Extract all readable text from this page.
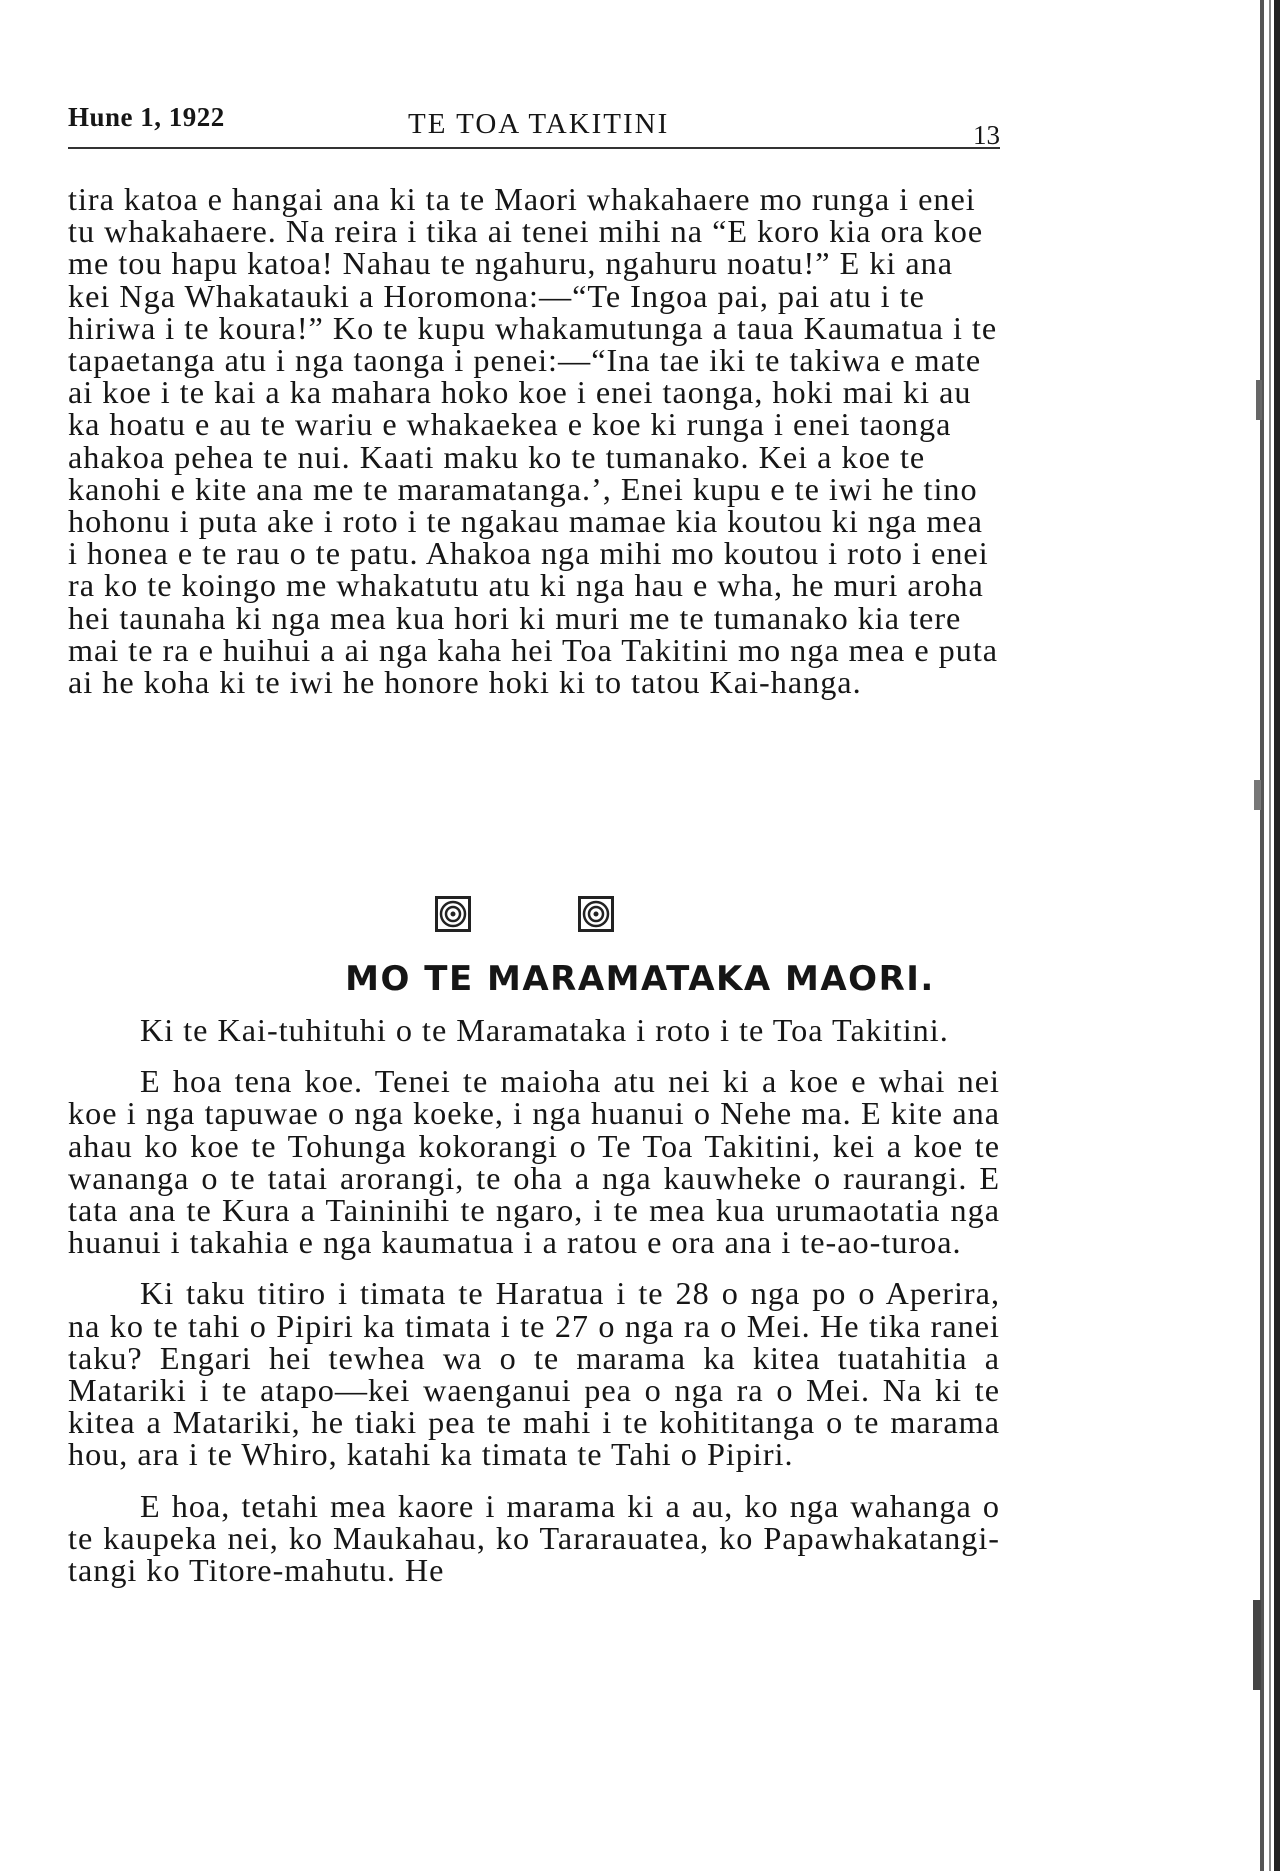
Hune 1, 1922	TE TOA TAKITINI	13

tira katoa e hangai ana ki ta te Maori whakahaere mo runga i enei tu whakahaere. Na reira i tika ai tenei mihi na “E koro kia ora koe me tou hapu katoa! Nahau te ngahuru, ngahuru noatu!” E ki ana kei Nga Whakatauki a Horomona:—“Te Ingoa pai, pai atu i te hiriwa i te koura!” Ko te kupu whakamutunga a taua Kaumatua i te tapaetanga atu i nga taonga i penei:—“Ina tae iki te takiwa e mate ai koe i te kai a ka mahara hoko koe i enei taonga, hoki mai ki au ka hoatu e au te wariu e whakaekea e koe ki runga i enei taonga ahakoa pehea te nui. Kaati maku ko te tumanako. Kei a koe te kanohi e kite ana me te maramatanga.’, Enei kupu e te iwi he tino hohonu i puta ake i roto i te ngakau mamae kia koutou ki nga mea i honea e te rau o te patu. Ahakoa nga mihi mo koutou i roto i enei ra ko te koingo me whakatutu atu ki nga hau e wha, he muri aroha hei taunaha ki nga mea kua hori ki muri me te tumanako kia tere mai te ra e huihui a ai nga kaha hei Toa Takitini mo nga mea e puta ai he koha ki te iwi he honore hoki ki to tatou Kai-hanga.

MO TE MARAMATAKA MAORI.

Ki te Kai-tuhituhi o te Maramataka i roto i te Toa Takitini.

E hoa tena koe. Tenei te maioha atu nei ki a koe e whai nei koe i nga tapuwae o nga koeke, i nga huanui o Nehe ma. E kite ana ahau ko koe te Tohunga kokorangi o Te Toa Takitini, kei a koe te wananga o te tatai arorangi, te oha a nga kauwheke o raurangi. E tata ana te Kura a Taininihi te ngaro, i te mea kua urumaotatia nga huanui i takahia e nga kaumatua i a ratou e ora ana i te-ao-turoa.

Ki taku titiro i timata te Haratua i te 28 o nga po o Aperira, na ko te tahi o Pipiri ka timata i te 27 o nga ra o Mei. He tika ranei taku? Engari hei tewhea wa o te marama ka kitea tuatahitia a Matariki i te atapo—kei waenganui pea o nga ra o Mei. Na ki te kitea a Matariki, he tiaki pea te mahi i te kohititanga o te marama hou, ara i te Whiro, katahi ka timata te Tahi o Pipiri.

E hoa, tetahi mea kaore i marama ki a au, ko nga wahanga o te kaupeka nei, ko Maukahau, ko Tararauatea, ko Papawhakatangi-tangi ko Titore-mahutu. He
